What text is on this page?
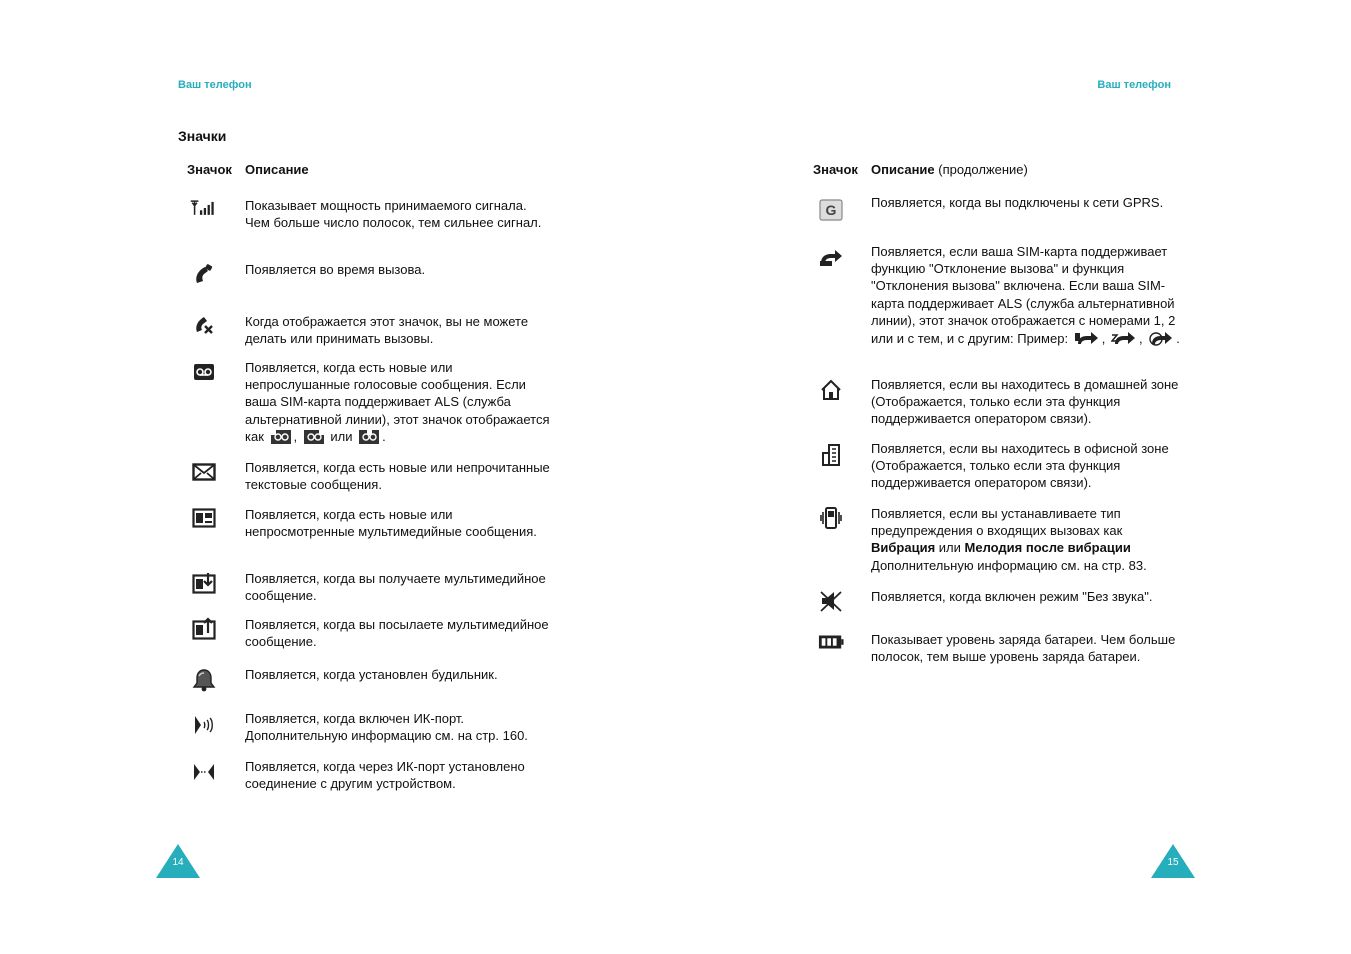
Ваш телефон
Значки
Значок Описание
Показывает мощность принимаемого сигнала. Чем больше число полосок, тем сильнее сигнал.
Появляется во время вызова.
Когда отображается этот значок, вы не можете делать или принимать вызовы.
Появляется, когда есть новые или непрослушанные голосовые сообщения. Если ваша SIM-карта поддерживает ALS (служба альтернативной линии), этот значок отображается как ,	или .
Появляется, когда есть новые или непрочитанные текстовые сообщения.
Появляется, когда есть новые или непросмотренные мультимедийные сообщения.
Появляется, когда вы получаете мультимедийное сообщение.
Появляется, когда вы посылаете мультимедийное сообщение.
Появляется, когда установлен будильник.
Появляется, когда включен ИК-порт. Дополнительную информацию см. на стр. 160.
Появляется, когда через ИК-порт установлено соединение с другим устройством.
14
Ваш телефон
Значок Описание (продолжение)
G	Появляется, когда вы подключены к сети GPRS.
Появляется, если ваша SIM-карта поддерживает функцию "Отклонение вызова" и функция "Отклонения вызова" включена. Если ваша SIM-карта поддерживает ALS (служба альтернативной линии), этот значок отображается с номерами 1, 2 или и с тем, и с другим: Пример:	,	,	.
Появляется, если вы находитесь в домашней зоне (Отображается, только если эта функция поддерживается оператором связи).
Появляется, если вы находитесь в офисной зоне (Отображается, только если эта функция поддерживается оператором связи).
Появляется, если вы устанавливаете тип предупреждения о входящих вызовах как Вибрация или Мелодия после вибрации Дополнительную информацию см. на стр. 83.
Появляется, когда включен режим "Без звука".
Показывает уровень заряда батареи. Чем больше полосок, тем выше уровень заряда батареи.
15
